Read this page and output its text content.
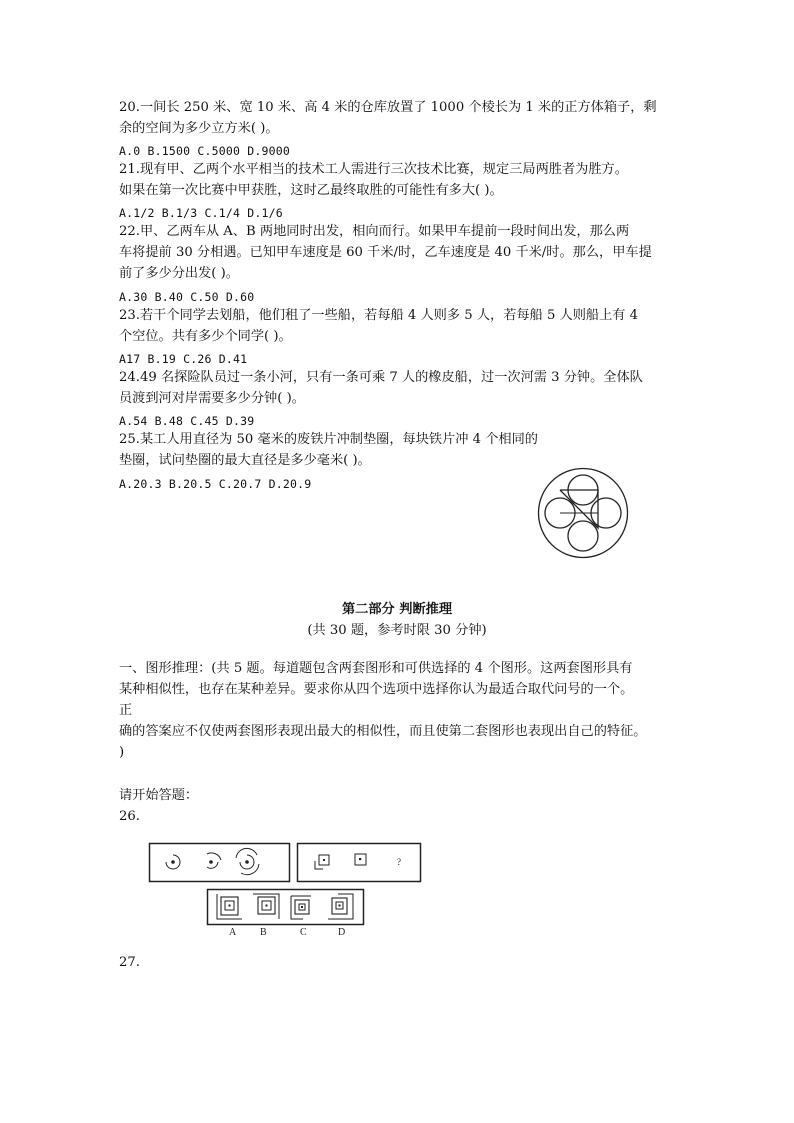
20.一间长 250 米、宽 10 米、高 4 米的仓库放置了 1000 个棱长为 1 米的正方体箱子，剩
余的空间为多少立方米( )。
A.0 B.1500 C.5000 D.9000
21.现有甲、乙两个水平相当的技术工人需进行三次技术比赛，规定三局两胜者为胜方。
如果在第一次比赛中甲获胜，这时乙最终取胜的可能性有多大( )。
A.1/2 B.1/3 C.1/4 D.1/6
22.甲、乙两车从 A、B 两地同时出发，相向而行。如果甲车提前一段时间出发，那么两
车将提前 30 分相遇。已知甲车速度是 60 千米/时，乙车速度是 40 千米/时。那么，甲车提
前了多少分出发( )。
A.30 B.40 C.50 D.60
23.若干个同学去划船，他们租了一些船，若每船 4 人则多 5 人，若每船 5 人则船上有 4
个空位。共有多少个同学( )。
A17 B.19 C.26 D.41
24.49 名探险队员过一条小河，只有一条可乘 7 人的橡皮船，过一次河需 3 分钟。全体队
员渡到河对岸需要多少分钟( )。
A.54 B.48 C.45 D.39
25.某工人用直径为 50 毫米的废铁片冲制垫圈，每块铁片冲 4 个相同的
垫圈，试问垫圈的最大直径是多少毫米( )。
A.20.3 B.20.5 C.20.7 D.20.9
第二部分 判断推理
(共 30 题，参考时限 30 分钟)
一、图形推理：(共 5 题。每道题包含两套图形和可供选择的 4 个图形。这两套图形具有
某种相似性，也存在某种差异。要求你从四个选项中选择你认为最适合取代问号的一个。
正
确的答案应不仅使两套图形表现出最大的相似性，而且使第二套图形也表现出自己的特征。
)
请开始答题：
26.
?
A B	C	D
27.
